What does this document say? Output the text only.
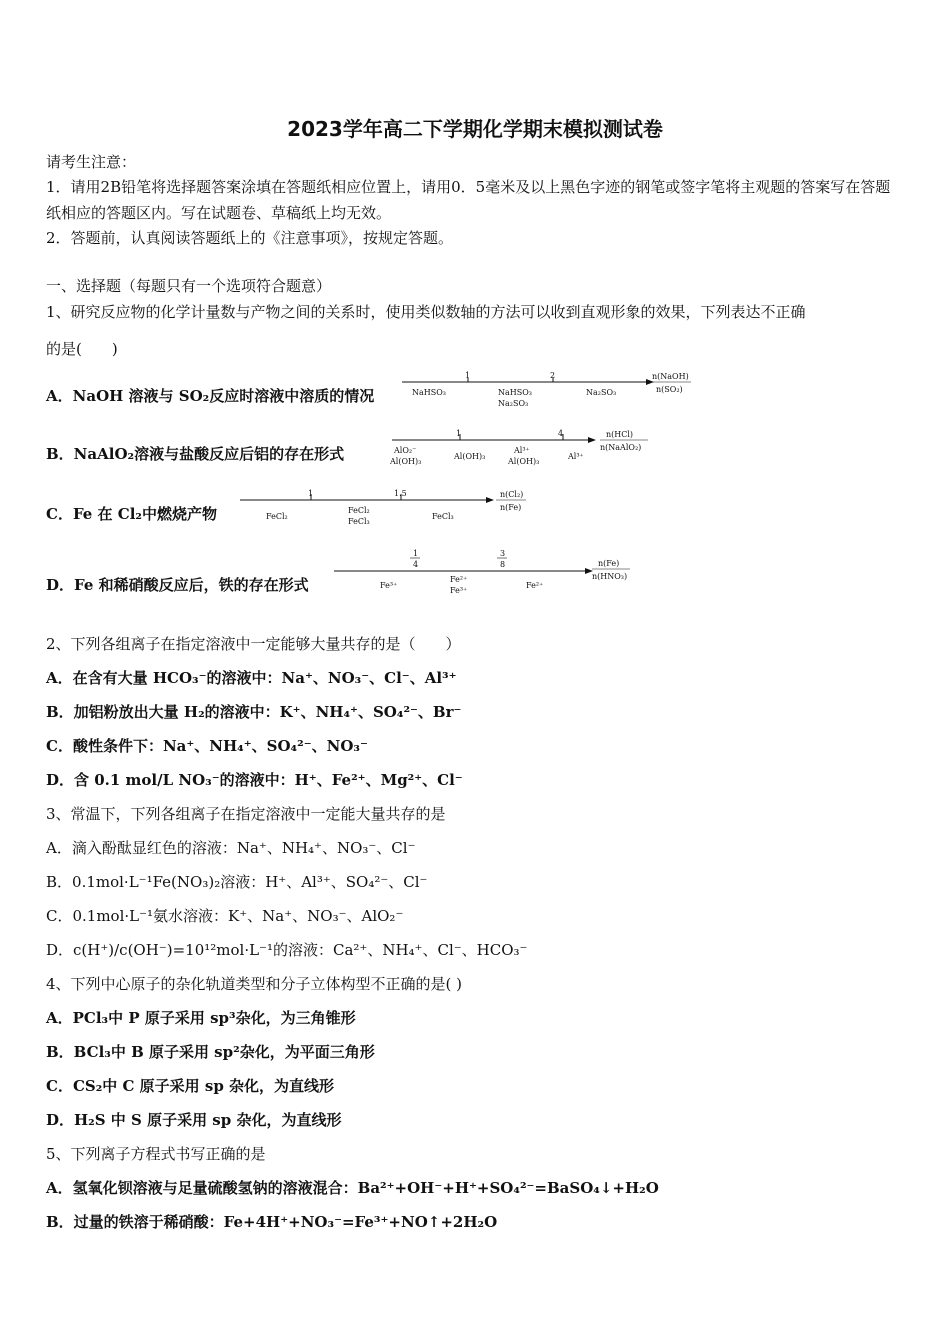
2023学年高二下学期化学期末模拟测试卷
请考生注意：
1．请用2B铅笔将选择题答案涂填在答题纸相应位置上，请用0．5毫米及以上黑色字迹的钢笔或签字笔将主观题的答案写在答题纸相应的答题区内。写在试题卷、草稿纸上均无效。
2．答题前，认真阅读答题纸上的《注意事项》，按规定答题。
一、选择题（每题只有一个选项符合题意）
1、研究反应物的化学计量数与产物之间的关系时，使用类似数轴的方法可以收到直观形象的效果，下列表达不正确
的是(　　)
A．NaOH 溶液与 SO₂反应时溶液中溶质的情况
1	2
NaHSO₃	NaHSO₃
Na₂SO₃
Na₂SO₃
n(NaOH)
n(SO₂)
B．NaAlO₂溶液与盐酸反应后铝的存在形式
1	4
AlO₂⁻
Al(OH)₃
Al(OH)₃
Al³⁺
Al(OH)₃
Al³⁺
n(HCl)
n(NaAlO₂)
C．Fe 在 Cl₂中燃烧产物
1	1.5
FeCl₂
FeCl₂
FeCl₃
FeCl₃
n(Cl₂)
n(Fe)
D．Fe 和稀硝酸反应后，铁的存在形式
1
4
3
8
Fe³⁺
Fe²⁺
Fe³⁺
Fe²⁺
n(Fe)
n(HNO₃)
2、下列各组离子在指定溶液中一定能够大量共存的是（　　）
A．在含有大量 HCO₃⁻的溶液中：Na⁺、NO₃⁻、Cl⁻、Al³⁺
B．加铝粉放出大量 H₂的溶液中：K⁺、NH₄⁺、SO₄²⁻、Br⁻
C．酸性条件下：Na⁺、NH₄⁺、SO₄²⁻、NO₃⁻
D．含 0.1 mol/L NO₃⁻的溶液中：H⁺、Fe²⁺、Mg²⁺、Cl⁻
3、常温下，下列各组离子在指定溶液中一定能大量共存的是
A．滴入酚酞显红色的溶液：Na⁺、NH₄⁺、NO₃⁻、Cl⁻
B．0.1mol·L⁻¹Fe(NO₃)₂溶液：H⁺、Al³⁺、SO₄²⁻、Cl⁻
C．0.1mol·L⁻¹氨水溶液：K⁺、Na⁺、NO₃⁻、AlO₂⁻
D．c(H⁺)/c(OH⁻)=10¹²mol·L⁻¹的溶液：Ca²⁺、NH₄⁺、Cl⁻、HCO₃⁻
4、下列中心原子的杂化轨道类型和分子立体构型不正确的是( )
A．PCl₃中 P 原子采用 sp³杂化，为三角锥形
B．BCl₃中 B 原子采用 sp²杂化，为平面三角形
C．CS₂中 C 原子采用 sp 杂化，为直线形
D．H₂S 中 S 原子采用 sp 杂化，为直线形
5、下列离子方程式书写正确的是
A．氢氧化钡溶液与足量硫酸氢钠的溶液混合：Ba²⁺+OH⁻+H⁺+SO₄²⁻=BaSO₄↓+H₂O
B．过量的铁溶于稀硝酸：Fe+4H⁺+NO₃⁻=Fe³⁺+NO↑+2H₂O
